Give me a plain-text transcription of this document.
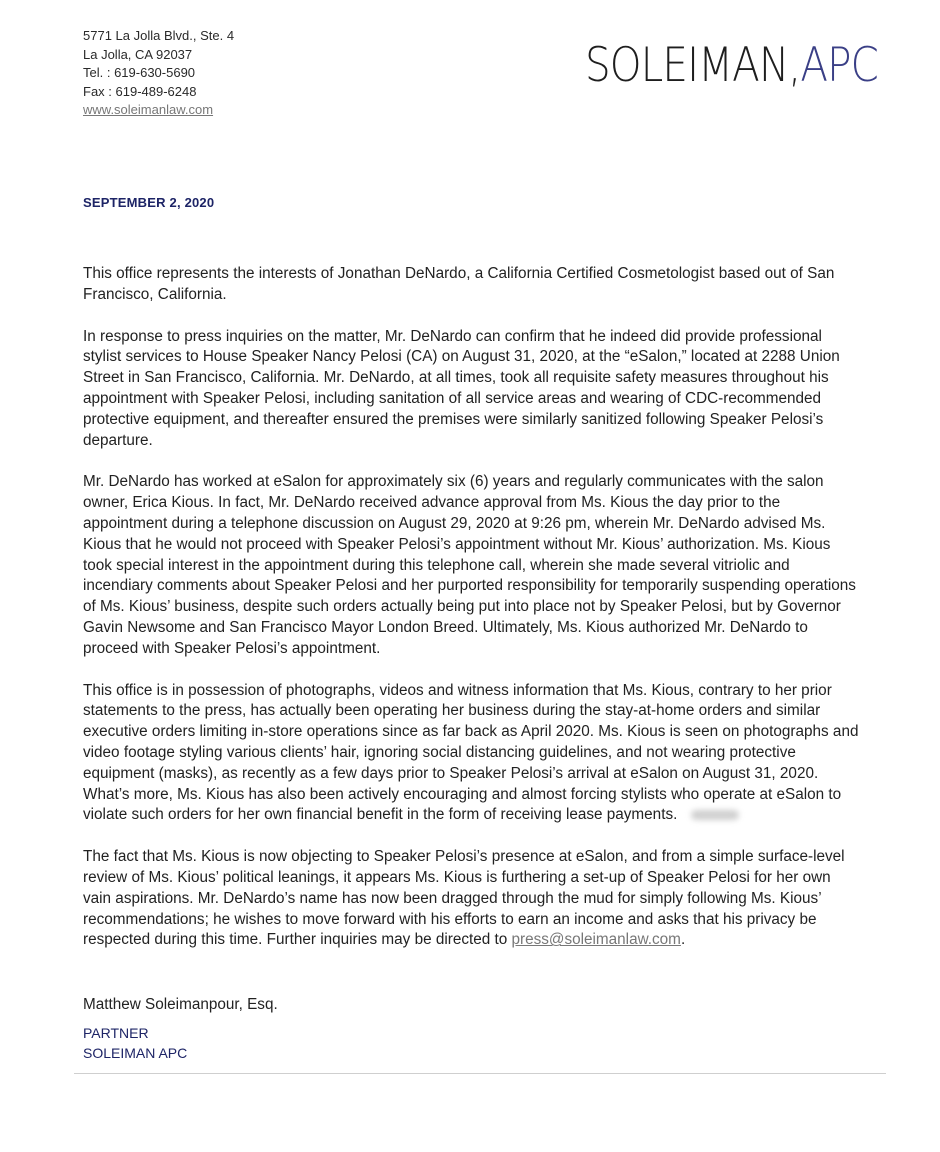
5771 La Jolla Blvd., Ste. 4
La Jolla, CA 92037
Tel. : 619-630-5690
Fax : 619-489-6248
www.soleimanlaw.com
SOLEIMAN,APC
SEPTEMBER 2, 2020

This office represents the interests of Jonathan DeNardo, a California Certified Cosmetologist based out of San Francisco, California.

In response to press inquiries on the matter, Mr. DeNardo can confirm that he indeed did provide professional stylist services to House Speaker Nancy Pelosi (CA) on August 31, 2020, at the “eSalon,” located at 2288 Union Street in San Francisco, California. Mr. DeNardo, at all times, took all requisite safety measures throughout his appointment with Speaker Pelosi, including sanitation of all service areas and wearing of CDC-recommended protective equipment, and thereafter ensured the premises were similarly sanitized following Speaker Pelosi’s departure.

Mr. DeNardo has worked at eSalon for approximately six (6) years and regularly communicates with the salon owner, Erica Kious. In fact, Mr. DeNardo received advance approval from Ms. Kious the day prior to the appointment during a telephone discussion on August 29, 2020 at 9:26 pm, wherein Mr. DeNardo advised Ms. Kious that he would not proceed with Speaker Pelosi’s appointment without Mr. Kious’ authorization. Ms. Kious took special interest in the appointment during this telephone call, wherein she made several vitriolic and incendiary comments about Speaker Pelosi and her purported responsibility for temporarily suspending operations of Ms. Kious’ business, despite such orders actually being put into place not by Speaker Pelosi, but by Governor Gavin Newsome and San Francisco Mayor London Breed. Ultimately, Ms. Kious authorized Mr. DeNardo to proceed with Speaker Pelosi’s appointment.

This office is in possession of photographs, videos and witness information that Ms. Kious, contrary to her prior statements to the press, has actually been operating her business during the stay-at-home orders and similar executive orders limiting in-store operations since as far back as April 2020. Ms. Kious is seen on photographs and video footage styling various clients’ hair, ignoring social distancing guidelines, and not wearing protective equipment (masks), as recently as a few days prior to Speaker Pelosi’s arrival at eSalon on August 31, 2020. What’s more, Ms. Kious has also been actively encouraging and almost forcing stylists who operate at eSalon to violate such orders for her own financial benefit in the form of receiving lease payments.

The fact that Ms. Kious is now objecting to Speaker Pelosi’s presence at eSalon, and from a simple surface-level review of Ms. Kious’ political leanings, it appears Ms. Kious is furthering a set-up of Speaker Pelosi for her own vain aspirations. Mr. DeNardo’s name has now been dragged through the mud for simply following Ms. Kious’ recommendations; he wishes to move forward with his efforts to earn an income and asks that his privacy be respected during this time. Further inquiries may be directed to press@soleimanlaw.com.

Matthew Soleimanpour, Esq.
PARTNER
SOLEIMAN APC
